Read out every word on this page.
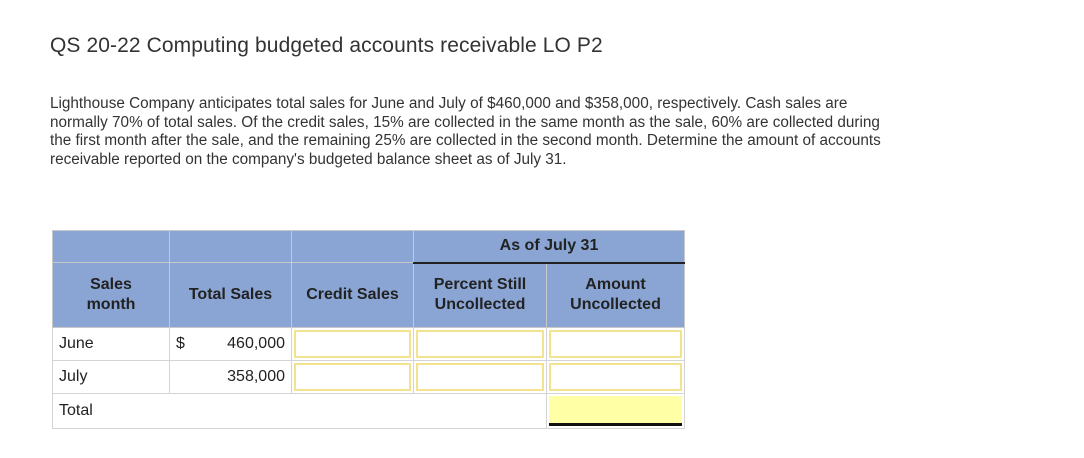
QS 20-22 Computing budgeted accounts receivable LO P2
Lighthouse Company anticipates total sales for June and July of $460,000 and $358,000, respectively. Cash sales are normally 70% of total sales. Of the credit sales, 15% are collected in the same month as the sale, 60% are collected during the first month after the sale, and the remaining 25% are collected in the second month. Determine the amount of accounts receivable reported on the company's budgeted balance sheet as of July 31.
			As of July 31	

Sales month	Total Sales	Credit Sales	Percent Still Uncollected	Amount Uncollected

June	$ 460,000			

July	358,000			

Total				
